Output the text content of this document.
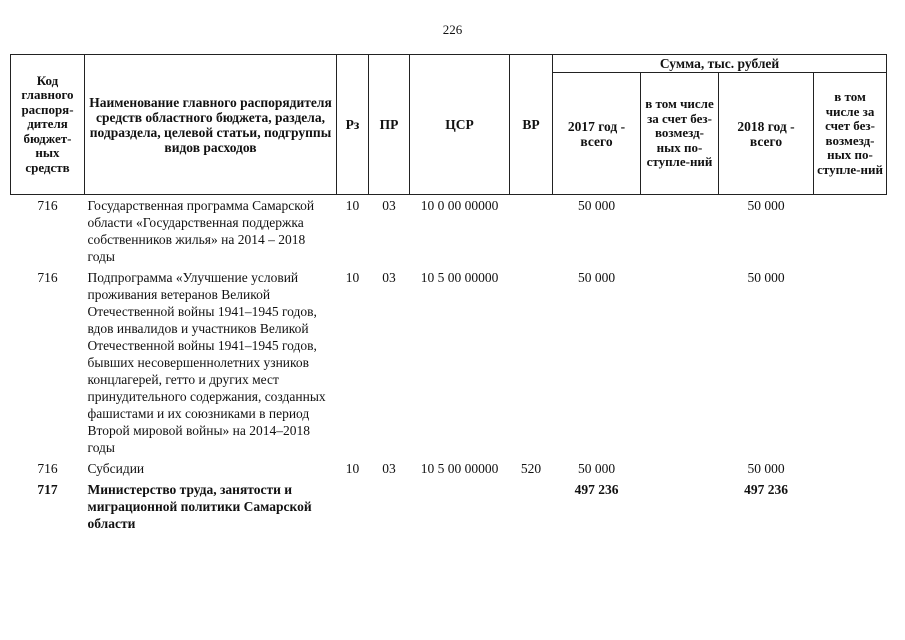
226
Код главного распоря-дителя бюджет-ных средств	Наименование главного распорядителя средств областного бюджета, раздела, подраздела, целевой статьи, подгруппы видов расходов	Рз	ПР	ЦСР	ВР	Сумма, тыс. рублей			
						2017 год - всего	в том числе за счет без-возмезд-ных по-ступле-ний	2018 год - всего	в том числе за счет без-возмезд-ных по-ступле-ний
716	Государственная программа Самарской области «Государственная поддержка собственников жилья» на 2014 – 2018 годы	10	03	10 0 00 00000		50 000		50 000	
716	Подпрограмма «Улучшение условий проживания ветеранов Великой Отечественной войны 1941–1945 годов, вдов инвалидов и участников Великой Отечественной войны 1941–1945 годов, бывших несовершеннолетних узников концлагерей, гетто и других мест принудительного содержания, созданных фашистами и их союзниками в период Второй мировой войны» на 2014–2018 годы	10	03	10 5 00 00000		50 000		50 000	
716	Субсидии	10	03	10 5 00 00000	520	50 000		50 000	
717	Министерство труда, занятости и миграционной политики Самарской области					497 236		497 236	
